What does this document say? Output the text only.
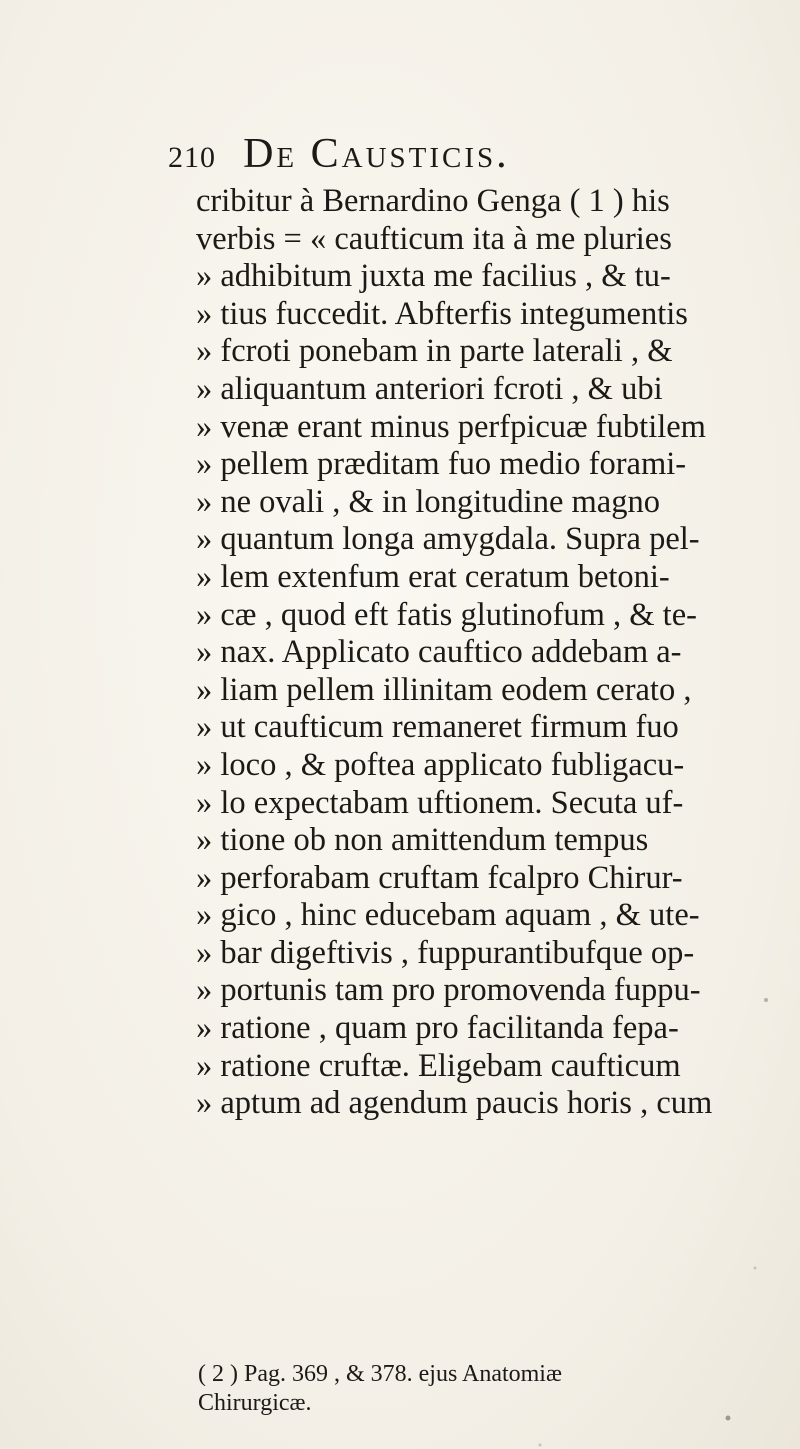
210 De Causticis.
cribitur à Bernardino Genga ( 1 ) his
verbis = « caufticum ita à me pluries
» adhibitum juxta me facilius , & tu-
» tius fuccedit. Abfterfis integumentis
» fcroti ponebam in parte laterali , &
» aliquantum anteriori fcroti , & ubi
» venæ erant minus perfpicuæ fubtilem
» pellem præditam fuo medio forami-
» ne ovali , & in longitudine magno
» quantum longa amygdala. Supra pel-
» lem extenfum erat ceratum betoni-
» cæ , quod eft fatis glutinofum , & te-
» nax. Applicato cauftico addebam a-
» liam pellem illinitam eodem cerato ,
» ut caufticum remaneret firmum fuo
» loco , & poftea applicato fubligacu-
» lo expectabam uftionem. Secuta uf-
» tione ob non amittendum tempus
» perforabam cruftam fcalpro Chirur-
» gico , hinc educebam aquam , & ute-
» bar digeftivis , fuppurantibufque op-
» portunis tam pro promovenda fuppu-
» ratione , quam pro facilitanda fepa-
» ratione cruftæ. Eligebam caufticum
» aptum ad agendum paucis horis , cum
( 2 ) Pag. 369 , & 378. ejus Anatomiæ
Chirurgicæ.
